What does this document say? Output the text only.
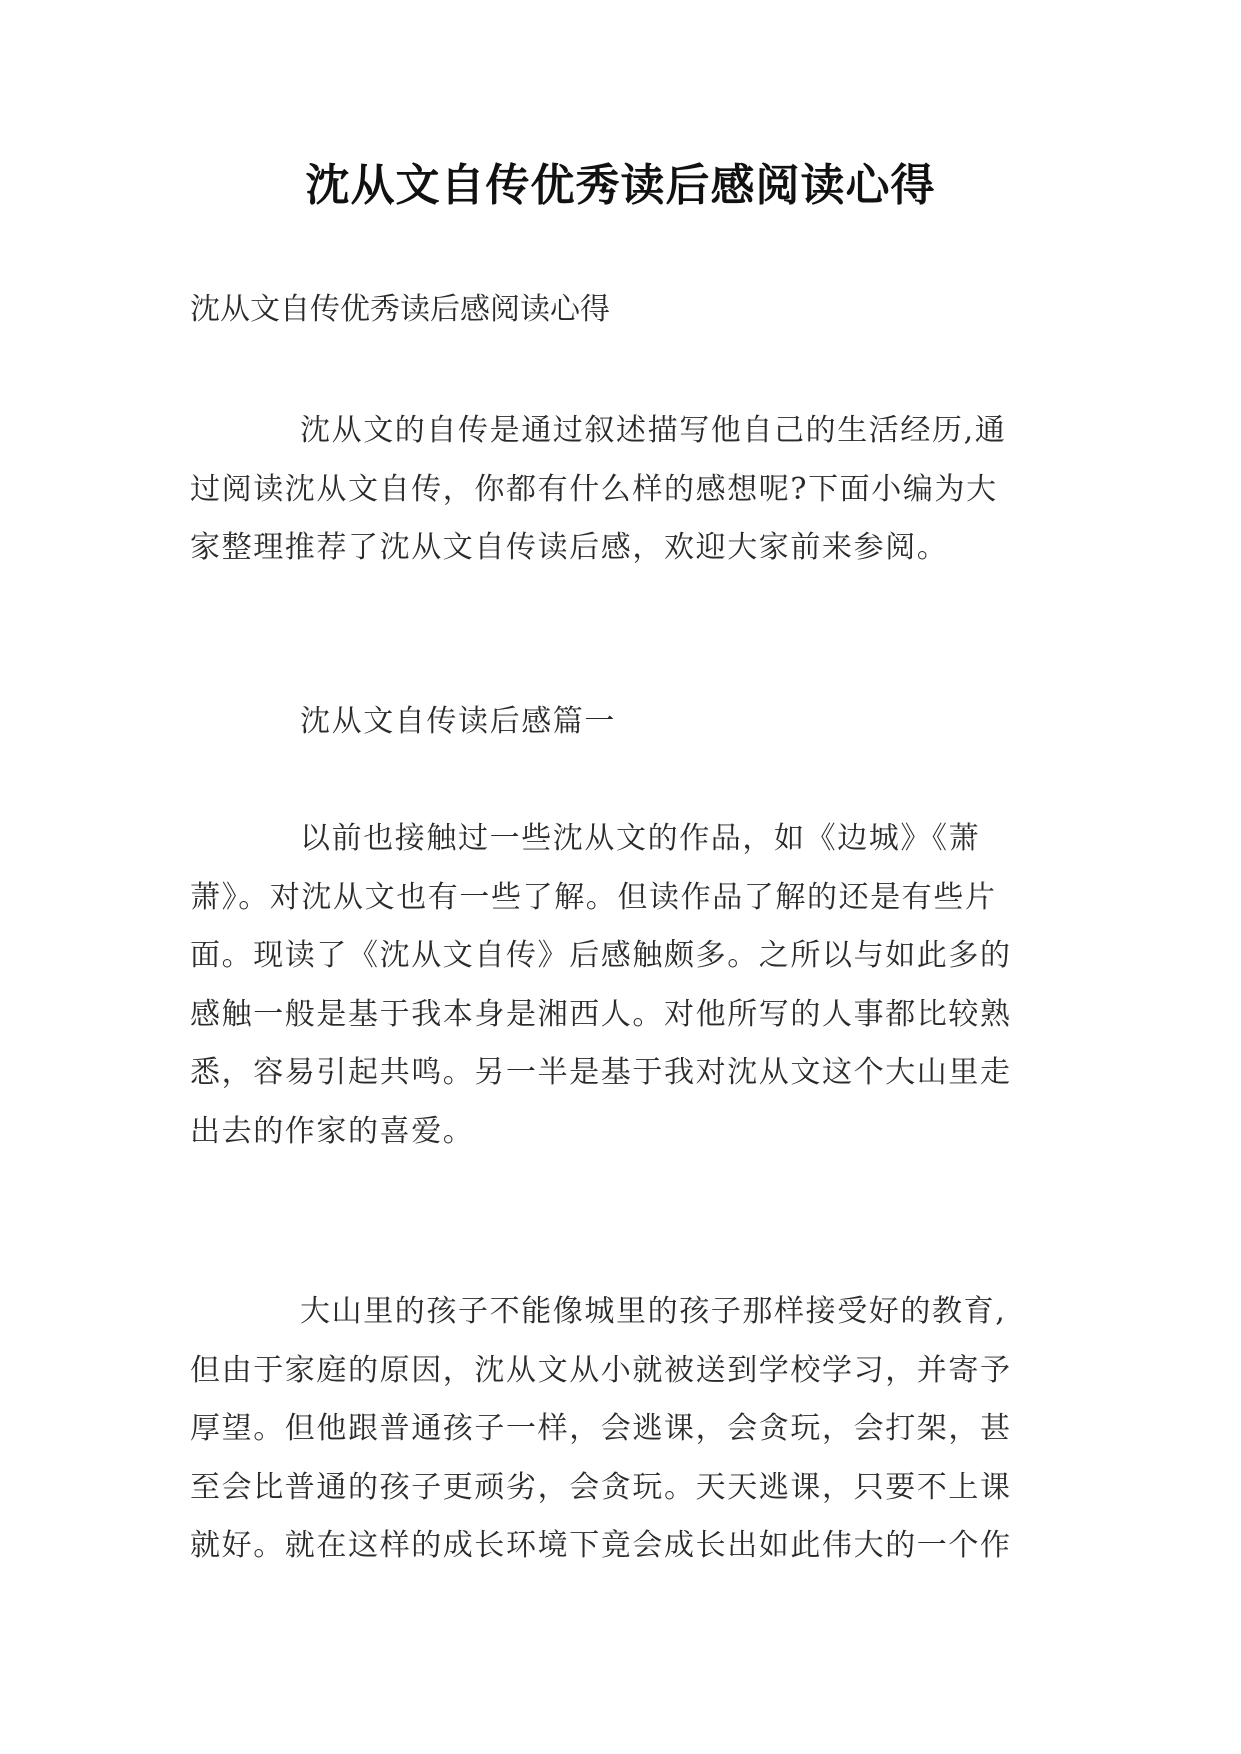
沈从文自传优秀读后感阅读心得
沈从文自传优秀读后感阅读心得
沈从文的自传是通过叙述描写他自己的生活经历,通
过阅读沈从文自传，你都有什么样的感想呢?下面小编为大
家整理推荐了沈从文自传读后感，欢迎大家前来参阅。
沈从文自传读后感篇一
以前也接触过一些沈从文的作品，如《边城》《萧
萧》。对沈从文也有一些了解。但读作品了解的还是有些片
面。现读了《沈从文自传》后感触颇多。之所以与如此多的
感触一般是基于我本身是湘西人。对他所写的人事都比较熟
悉，容易引起共鸣。另一半是基于我对沈从文这个大山里走
出去的作家的喜爱。
大山里的孩子不能像城里的孩子那样接受好的教育,
但由于家庭的原因，沈从文从小就被送到学校学习，并寄予
厚望。但他跟普通孩子一样，会逃课，会贪玩，会打架，甚
至会比普通的孩子更顽劣，会贪玩。天天逃课，只要不上课
就好。就在这样的成长环境下竟会成长出如此伟大的一个作
